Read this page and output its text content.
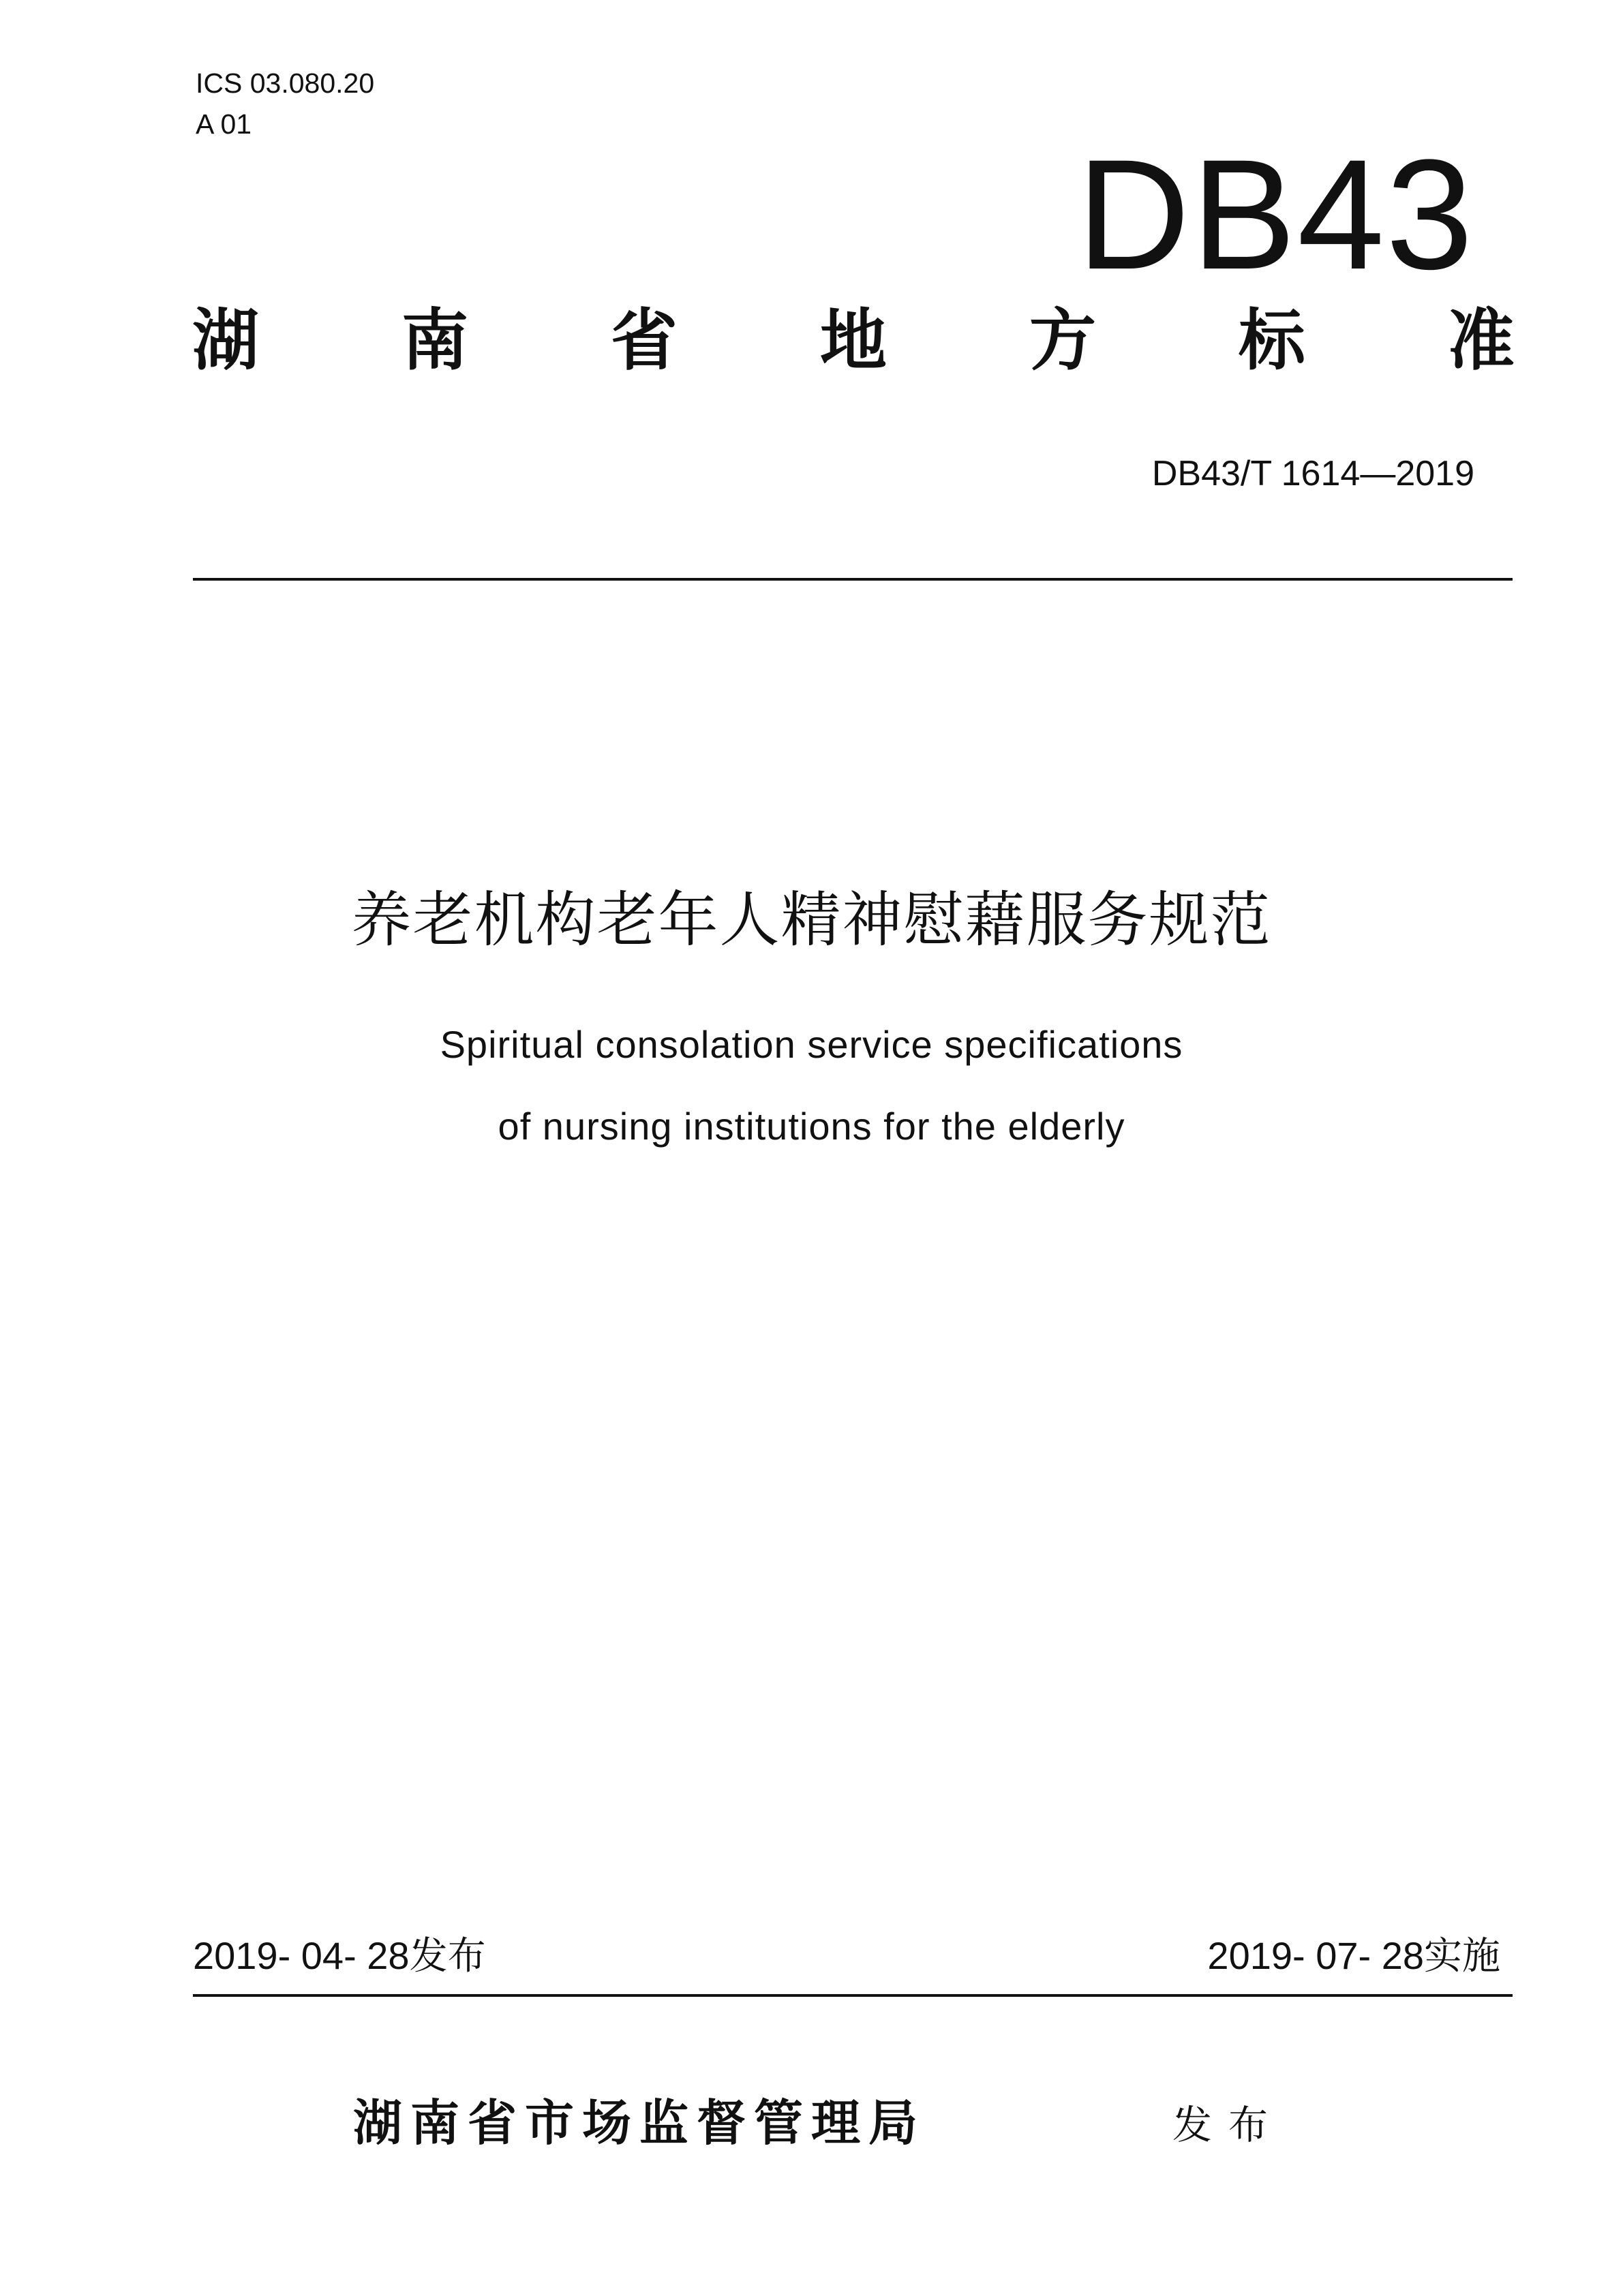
ICS 03.080.20
A 01
DB43
湖 南 省 地 方 标 准
DB43/T 1614—2019
养老机构老年人精神慰藉服务规范
Spiritual consolation service specifications
of nursing institutions for the elderly
2019- 04- 28发布	2019- 07- 28实施
湖南省市场监督管理局	发布
